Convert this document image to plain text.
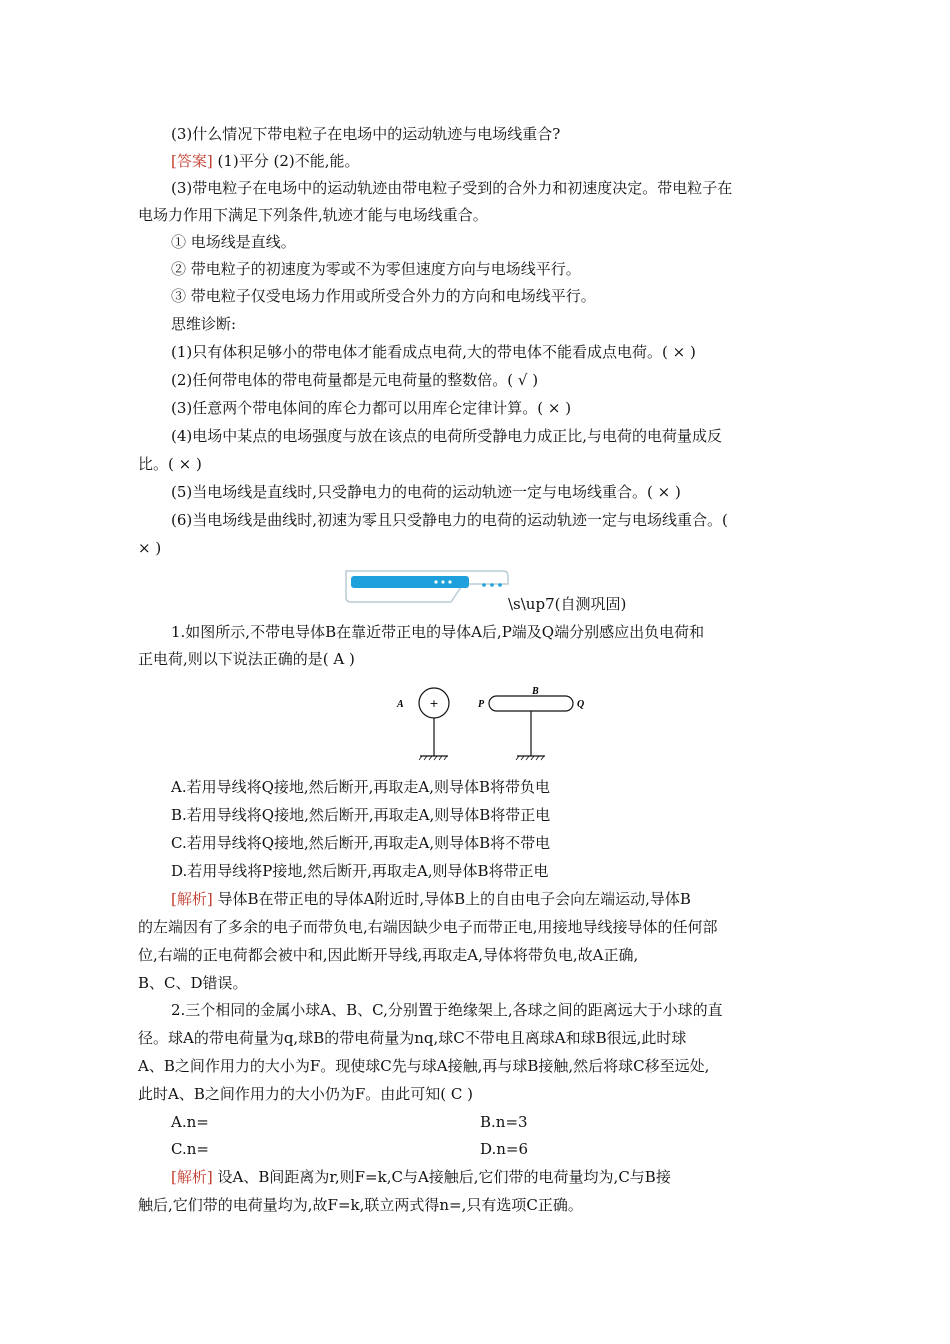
(3)什么情况下带电粒子在电场中的运动轨迹与电场线重合?
[答案] (1)平分 (2)不能,能。
(3)带电粒子在电场中的运动轨迹由带电粒子受到的合外力和初速度决定。带电粒子在
电场力作用下满足下列条件,轨迹才能与电场线重合。
① 电场线是直线。
② 带电粒子的初速度为零或不为零但速度方向与电场线平行。
③ 带电粒子仅受电场力作用或所受合外力的方向和电场线平行。
思维诊断:
(1)只有体积足够小的带电体才能看成点电荷,大的带电体不能看成点电荷。( × )
(2)任何带电体的带电荷量都是元电荷量的整数倍。( √ )
(3)任意两个带电体间的库仑力都可以用库仑定律计算。( × )
(4)电场中某点的电场强度与放在该点的电荷所受静电力成正比,与电荷的电荷量成反
比。( × )
(5)当电场线是直线时,只受静电力的电荷的运动轨迹一定与电场线重合。( × )
(6)当电场线是曲线时,初速为零且只受静电力的电荷的运动轨迹一定与电场线重合。(
× )
\s\up7(自测巩固)
1.如图所示,不带电导体B在靠近带正电的导体A后,P端及Q端分别感应出负电荷和
正电荷,则以下说法正确的是( A )
A +	P
B
Q
A.若用导线将Q接地,然后断开,再取走A,则导体B将带负电
B.若用导线将Q接地,然后断开,再取走A,则导体B将带正电
C.若用导线将Q接地,然后断开,再取走A,则导体B将不带电
D.若用导线将P接地,然后断开,再取走A,则导体B将带正电
[解析] 导体B在带正电的导体A附近时,导体B上的自由电子会向左端运动,导体B
的左端因有了多余的电子而带负电,右端因缺少电子而带正电,用接地导线接导体的任何部
位,右端的正电荷都会被中和,因此断开导线,再取走A,导体将带负电,故A正确,
B、C、D错误。
2.三个相同的金属小球A、B、C,分别置于绝缘架上,各球之间的距离远大于小球的直
径。球A的带电荷量为q,球B的带电荷量为nq,球C不带电且离球A和球B很远,此时球
A、B之间作用力的大小为F。现使球C先与球A接触,再与球B接触,然后将球C移至远处,
此时A、B之间作用力的大小仍为F。由此可知( C )
A.n=	B.n=3
C.n=	D.n=6
[解析] 设A、B间距离为r,则F=k,C与A接触后,它们带的电荷量均为,C与B接
触后,它们带的电荷量均为,故F=k,联立两式得n=,只有选项C正确。
